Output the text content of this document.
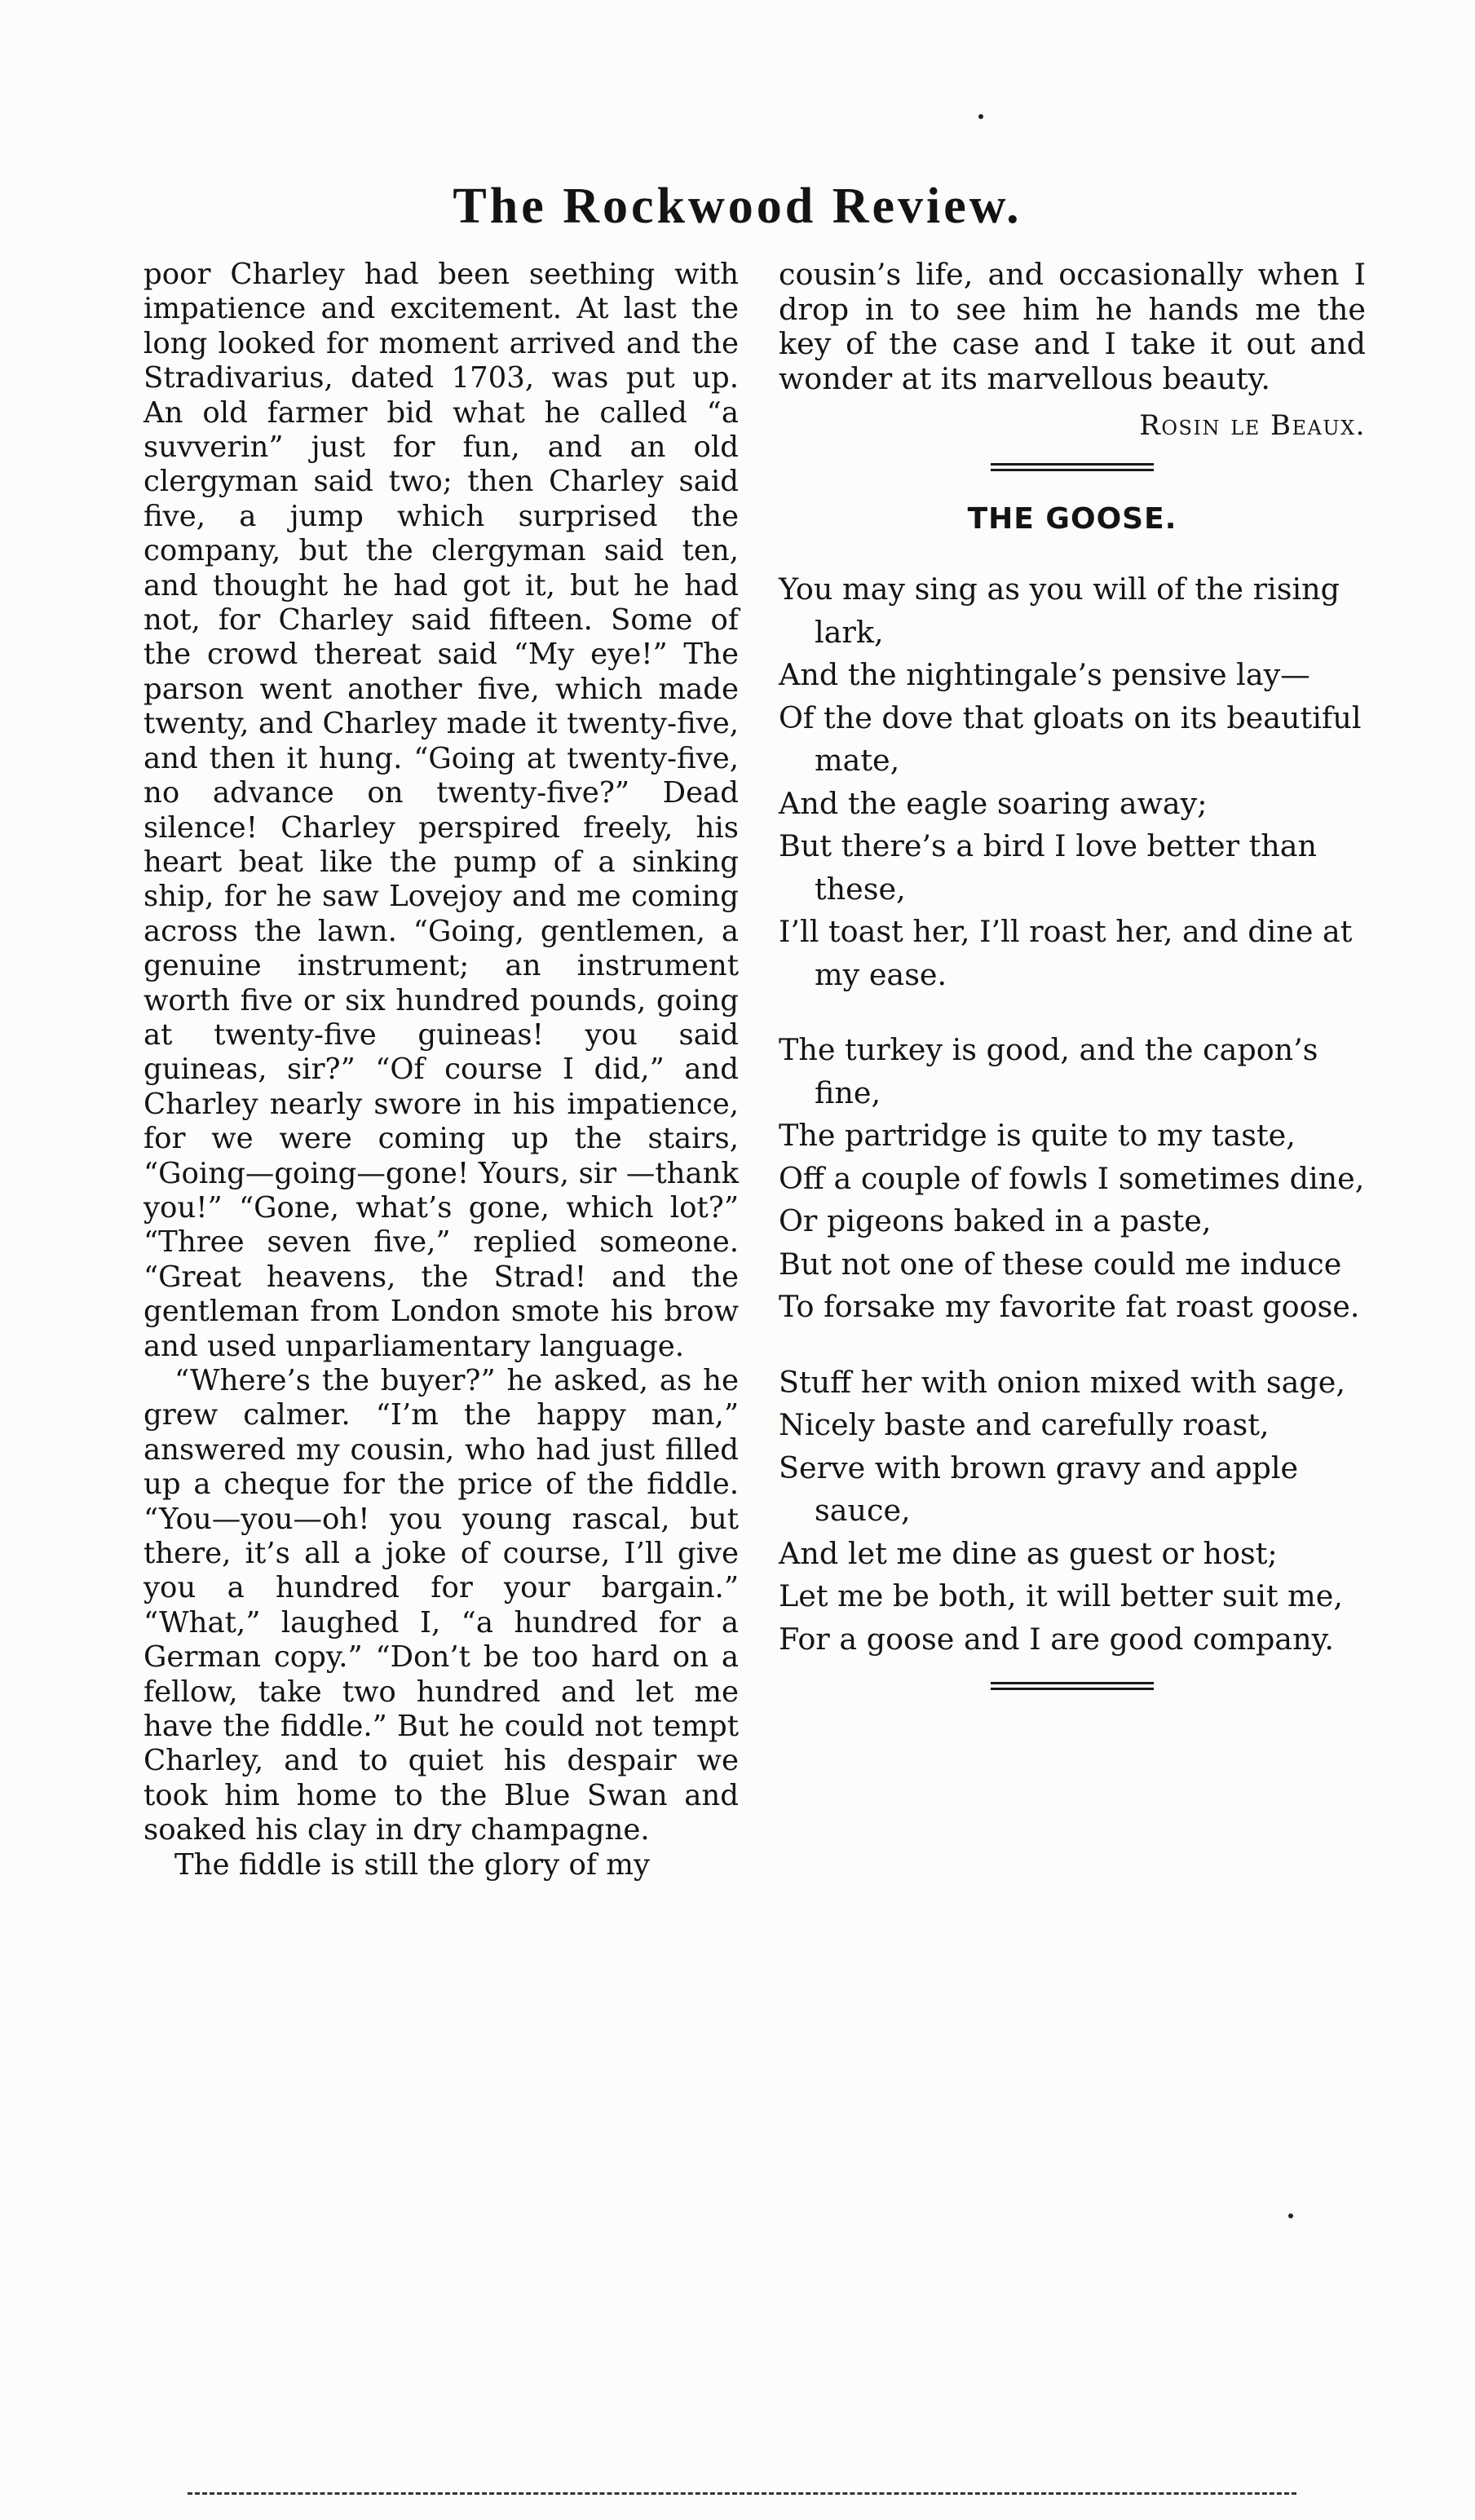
The Rockwood Review.

poor Charley had been seething with impatience and excitement. At last the long looked for moment arrived and the Stradivarius, dated 1703, was put up. An old farmer bid what he called “a suvverin” just for fun, and an old clergyman said two; then Charley said five, a jump which surprised the company, but the clergyman said ten, and thought he had got it, but he had not, for Charley said fifteen. Some of the crowd thereat said “My eye!” The parson went another five, which made twenty, and Charley made it twenty-five, and then it hung. “Going at twenty-five, no advance on twenty-five?” Dead silence! Charley perspired freely, his heart beat like the pump of a sinking ship, for he saw Lovejoy and me coming across the lawn. “Going, gentlemen, a genuine instrument; an instrument worth five or six hundred pounds, going at twenty-five guineas! you said guineas, sir?” “Of course I did,” and Charley nearly swore in his impatience, for we were coming up the stairs, “Going—going—gone! Yours, sir —thank you!” “Gone, what’s gone, which lot?” “Three seven five,” replied someone. “Great heavens, the Strad! and the gentleman from London smote his brow and used unparliamentary language.

“Where’s the buyer?” he asked, as he grew calmer. “I’m the happy man,” answered my cousin, who had just filled up a cheque for the price of the fiddle. “You—you—oh! you young rascal, but there, it’s all a joke of course, I’ll give you a hundred for your bargain.” “What,” laughed I, “a hundred for a German copy.” “Don’t be too hard on a fellow, take two hundred and let me have the fiddle.” But he could not tempt Charley, and to quiet his despair we took him home to the Blue Swan and soaked his clay in dry champagne.

The fiddle is still the glory of my

cousin’s life, and occasionally when I drop in to see him he hands me the key of the case and I take it out and wonder at its marvellous beauty.

Rosin le Beaux.

THE GOOSE.
You may sing as you will of the rising lark,
And the nightingale’s pensive lay—
Of the dove that gloats on its beautiful mate,
And the eagle soaring away;
But there’s a bird I love better than these,
I’ll toast her, I’ll roast her, and dine at my ease.
The turkey is good, and the capon’s fine,
The partridge is quite to my taste,
Off a couple of fowls I sometimes dine,
Or pigeons baked in a paste,
But not one of these could me induce
To forsake my favorite fat roast goose.
Stuff her with onion mixed with sage,
Nicely baste and carefully roast,
Serve with brown gravy and apple sauce,
And let me dine as guest or host;
Let me be both, it will better suit me,
For a goose and I are good company.
